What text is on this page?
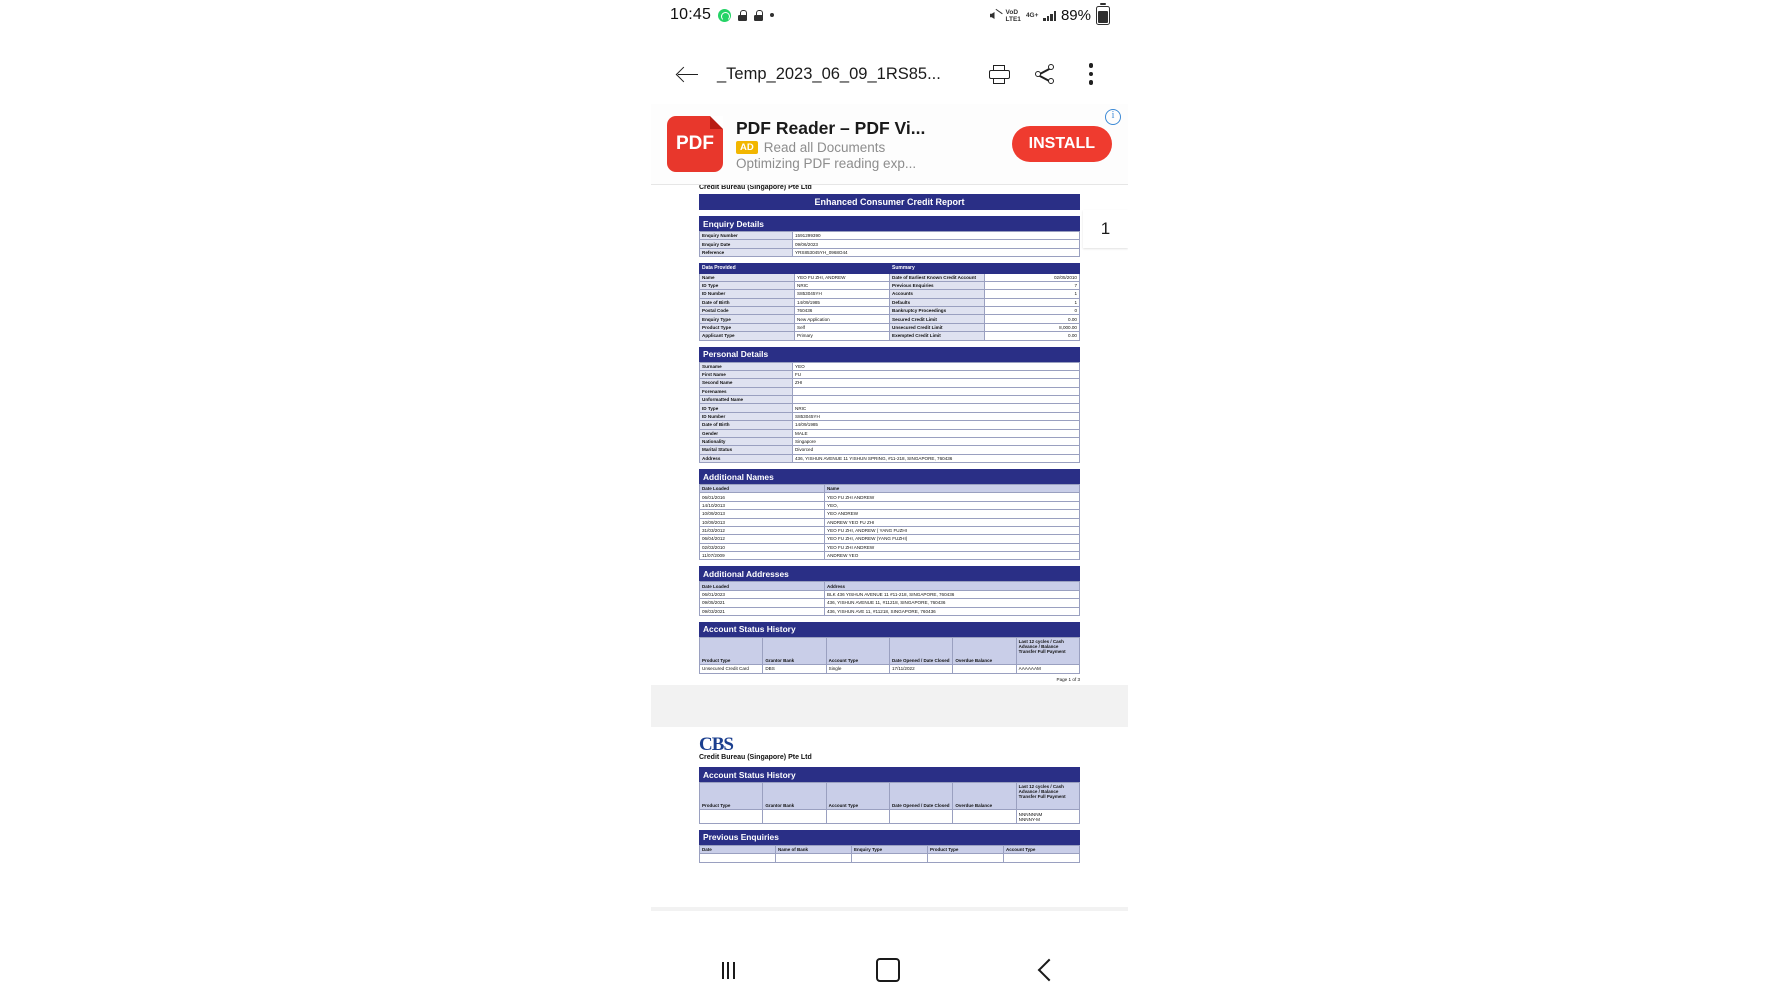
10:45	VoD
LTE1 4G+ 89%
_Temp_2023_06_09_1RS85...
i
PDF
PDF Reader – PDF Vi...
AD Read all Documents
Optimizing PDF reading exp...
INSTALL
1
Credit Bureau (Singapore) Pte Ltd
Enhanced Consumer Credit Report
Enquiry Details
Enquiry Number	1591299390
Enquiry Date	09/06/2023
Reference	YRS853045YH_0968O44
Data Provided		Summary	
Name	YEO FU ZHI, ANDREW	Date of Earliest Known Credit Account	02/05/2010
ID Type	NRIC	Previous Enquiries	7
ID Number	S853045YH	Accounts	1
Date of Birth	14/09/1985	Defaults	1
Postal Code	760436	Bankruptcy Proceedings	0
Enquiry Type	New Application	Secured Credit Limit	0.00
Product Type	Self	Unsecured Credit Limit	8,000.00
Applicant Type	Primary	Exempted Credit Limit	0.00
Personal Details
Surname	YEO
First Name	FU
Second Name	ZHI
Forenames	
Unformatted Name	
ID Type	NRIC
ID Number	S853045YH
Date of Birth	14/09/1985
Gender	MALE
Nationality	Singapore
Marital Status	Divorced
Address	436, YISHUN AVENUE 11 YISHUN SPRING, #11-218, SINGAPORE, 760436
Additional Names
Date Loaded	Name
06/01/2016	YEO FU ZHI ANDREW
14/10/2013	YEO,
10/09/2013	YEO ANDREW
10/09/2013	ANDREW YEO FU ZHI
31/03/2012	YEO FU ZHI, ANDREW ( YANG FUZHI
06/04/2012	YEO FU ZHI, ANDREW (YANG FUZHI)
02/03/2010	YEO FU ZHI ANDREW
11/07/2009	ANDREW YEO
Additional Addresses
Date Loaded	Address
06/01/2023	BLK 436 YISHUN AVENUE 11 #11-218, SINGAPORE, 760436
09/05/2021	436, YISHUN AVENUE 11, #11218, SINGAPORE, 760436
09/03/2021	436, YISHUN AVE 11, #11218, SINGAPORE, 760436
Account Status History
Product Type	Grantor Bank	Account Type	Date Opened / Date Closed	Overdue Balance	Last 12 cycles / Cash Advance / Balance Transfer Full Payment
Unsecured Credit Card	DBS	Single	17/11/2022		AAAAAAM
Page 1 of 3
CBS
Credit Bureau (Singapore) Pte Ltd
Account Status History
Product Type	Grantor Bank	Account Type	Date Opened / Date Closed	Overdue Balance	Last 12 cycles / Cash Advance / Balance Transfer Full Payment
					NNNNNNM
NNNNY-M
Previous Enquiries
Date	Name of Bank	Enquiry Type	Product Type	Account Type
